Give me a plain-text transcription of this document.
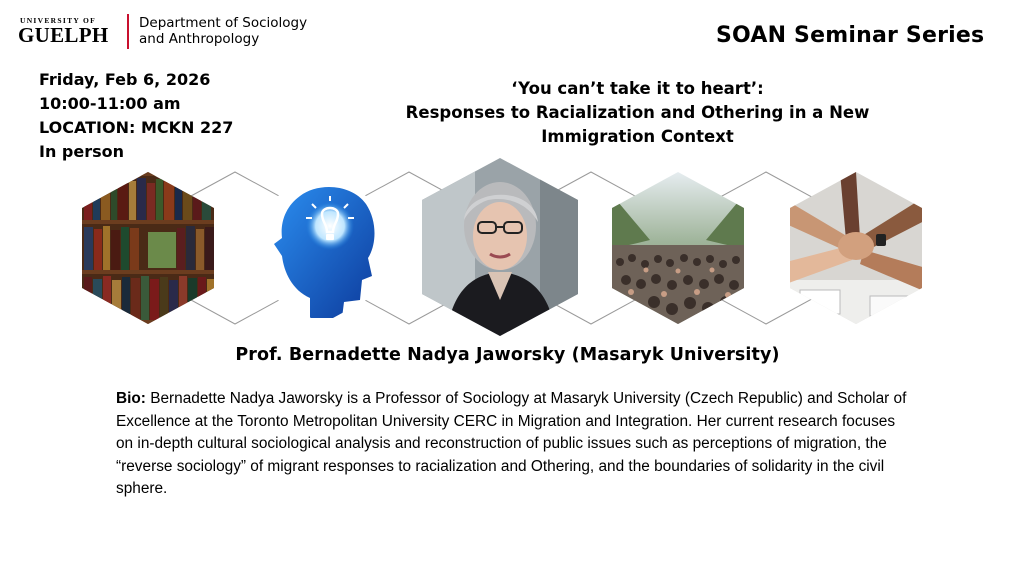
UNIVERSITY OF
GUELPH Department of Sociology
and Anthropology	SOAN Seminar Series
Friday, Feb 6, 2026
10:00-11:00 am
LOCATION: MCKN 227
In person
‘You can’t take it to heart’:
Responses to Racialization and Othering in a New
Immigration Context
Prof. Bernadette Nadya Jaworsky (Masaryk University)
Bio: Bernadette Nadya Jaworsky is a Professor of Sociology at Masaryk University (Czech Republic) and Scholar of Excellence at the Toronto Metropolitan University CERC in Migration and Integration. Her current research focuses on in-depth cultural sociological analysis and reconstruction of public issues such as perceptions of migration, the “reverse sociology” of migrant responses to racialization and Othering, and the boundaries of solidarity in the civil sphere.
